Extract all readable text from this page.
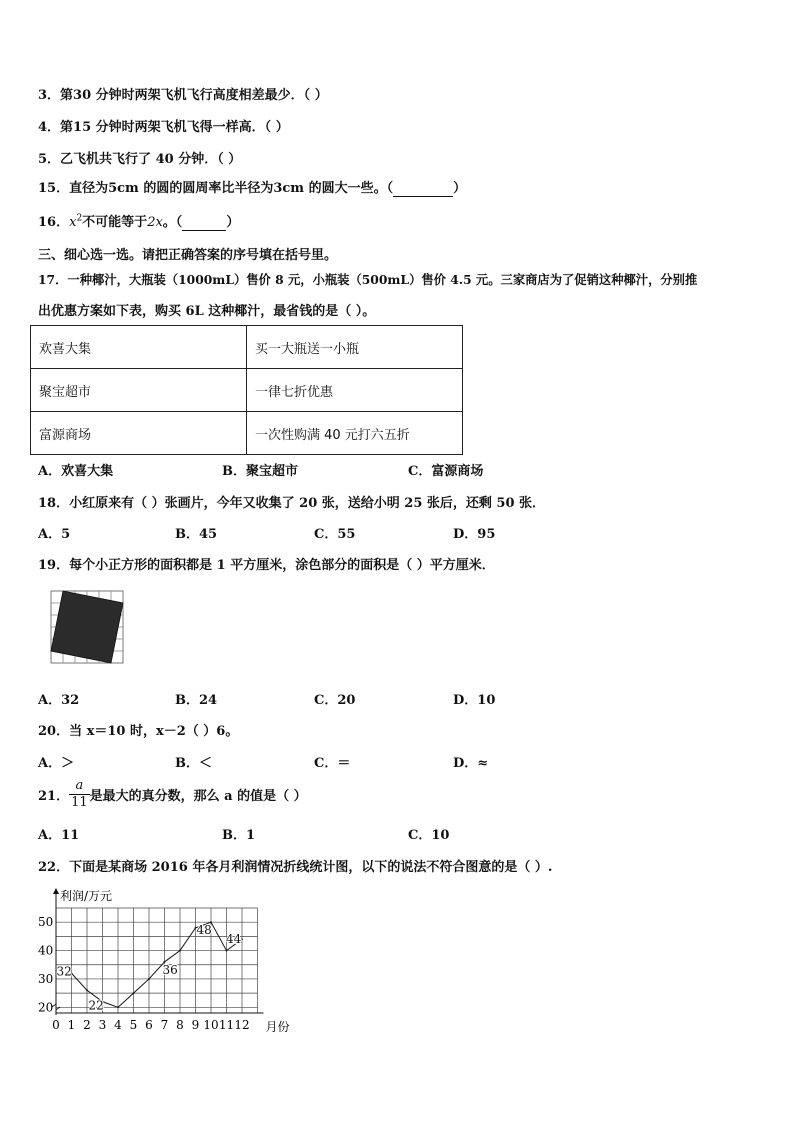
3．第30 分钟时两架飞机飞行高度相差最少．（ ）
4．第15 分钟时两架飞机飞得一样高．（ ）
5．乙飞机共飞行了 40 分钟．（ ）
15．直径为5cm 的圆的圆周率比半径为3cm 的圆大一些。（	）
16．$x^2$不可能等于2x。（	）
三、细心选一选。请把正确答案的序号填在括号里。
17．一种椰汁，大瓶装（1000mL）售价 8 元，小瓶装（500mL）售价 4.5 元。三家商店为了促销这种椰汁，分别推
出优惠方案如下表，购买 6L 这种椰汁，最省钱的是（ ）。
欢喜大集	买一大瓶送一小瓶
聚宝超市	一律七折优惠
富源商场	一次性购满 40 元打六五折
A．欢喜大集	B．聚宝超市	C．富源商场
18．小红原来有（ ）张画片，今年又收集了 20 张，送给小明 25 张后，还剩 50 张．
A．5	B．45	C．55	D．95
19．每个小正方形的面积都是 1 平方厘米，涂色部分的面积是（ ）平方厘米．
A．32	B．24	C．20	D．10
20．当 x＝10 时，x－2（ ）6。
A．＞	B．＜	C．＝	D．≈
21． $\frac{a}{11}$ 是最大的真分数，那么 a 的值是（ ）
A．11	B．1	C．10
22．下面是某商场 2016 年各月利润情况折线统计图，以下的说法不符合图意的是（ ）.
利润/万元
20
30
40
50
0 1 2 3 4 5 6 7 8 9 10 11 12 月份
32
22
36
48
44
